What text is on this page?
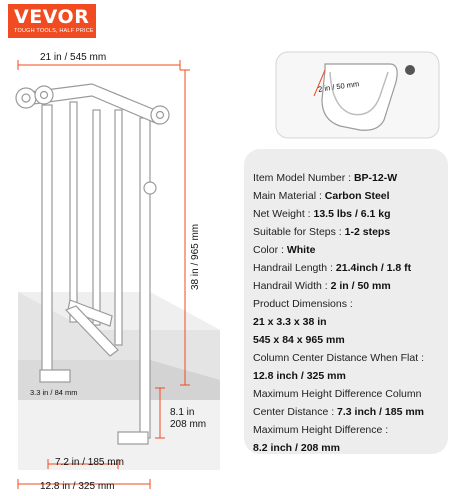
VEVOR
TOUGH TOOLS, HALF PRICE
21 in / 545 mm
38 in / 965 mm
3.3 in / 84 mm
8.1 in
208 mm
7.2 in / 185 mm
12.8 in / 325 mm
2 in / 50 mm
Item Model Number : BP-12-W
Main Material : Carbon Steel
Net Weight : 13.5 lbs / 6.1 kg
Suitable for Steps : 1-2 steps
Color : White
Handrail Length : 21.4inch / 1.8 ft
Handrail Width : 2 in / 50 mm
Product Dimensions :
21 x 3.3 x 38 in
545 x 84 x 965 mm
Column Center Distance When Flat :
12.8 inch / 325 mm
Maximum Height Difference Column
Center Distance : 7.3 inch / 185 mm
Maximum Height Difference :
8.2 inch / 208 mm
